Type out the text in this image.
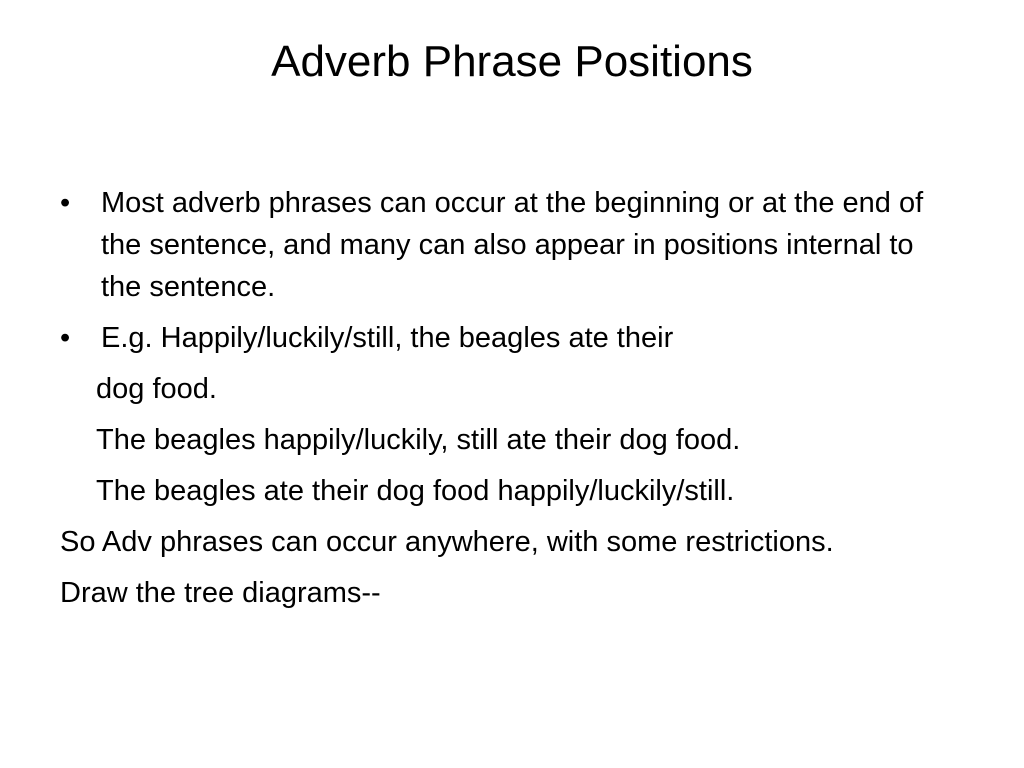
Adverb Phrase Positions
•	Most adverb phrases can occur at the beginning or at the end of the sentence, and many can also appear in positions internal to the sentence.
•	E.g. Happily/luckily/still, the beagles ate their
dog food.
The beagles happily/luckily, still ate their dog food.
The beagles ate their dog food happily/luckily/still.
So Adv phrases can occur anywhere, with some restrictions.
Draw the tree diagrams--
